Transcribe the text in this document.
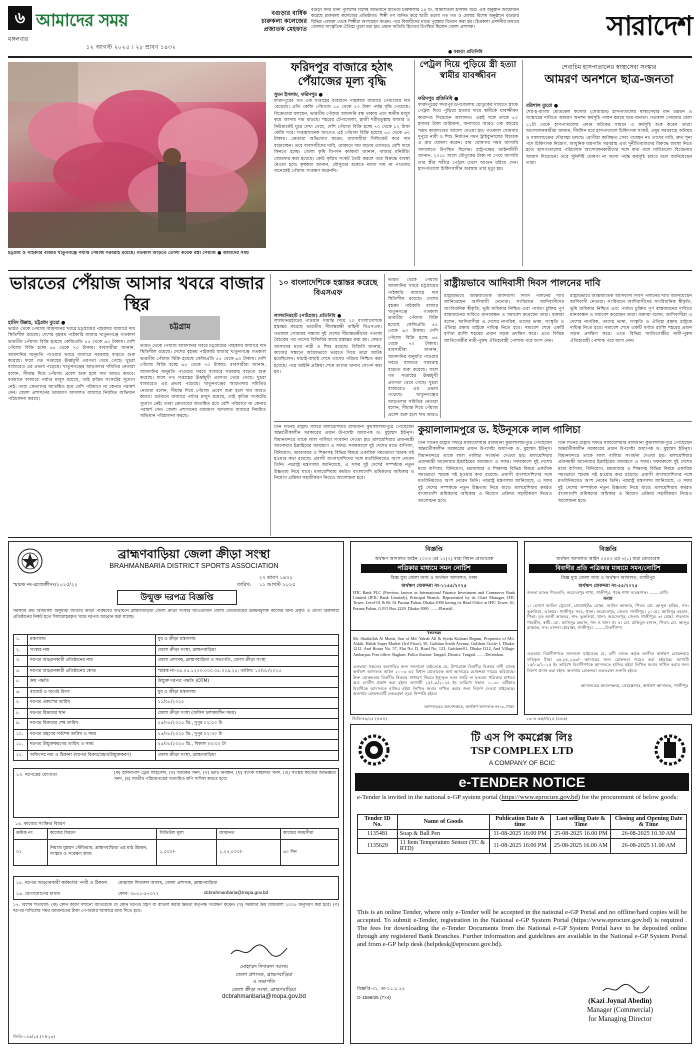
৬ আমাদের সময়
মঙ্গলবার
১২ আগস্ট ২০২৫ । ২৮ শ্রাবণ ১৪৩২
বগুড়ার বার্ষিক
চারুকলা কলেজের
প্রজাতক মেহফাত
বগুড়া সদর থানা পুলিশের বিশেষ অভিযানে হাতিয়ে চারুকলার ১৪ টি, আমলিগুল ইসলাম ধরে। এক অনুষ্ঠান আয়োজন করেছে চারুকলা কলেজের প্রতিষ্ঠাতা। শিল্পী গণ জনিত করে ছাত্রী গুলো গত গত ও মেলার বিশেষ অনুষ্ঠানে বগুড়ার বিভিন্ন এলাকা থেকে শিল্পীরা অংশগ্রহণ করেন। পরে বিজয়ীদের মাঝে পুরস্কার বিতরণ করা হয়। চিত্রকলা প্রদর্শনীর মাধ্যমে জেলার সাংস্কৃতিক ঐতিহ্য তুলে ধরা হয়। প্রধান অতিথি হিসেবে উপস্থিত ছিলেন জেলা প্রশাসক।
● বগুড়া প্রতিনিধি
সারাদেশ
চট্টগ্রাম ও পাইকারি বাজার খাতুনগঞ্জে পর্যাপ্ত পেঁয়াজ সরবরাহ রয়েছে। গতকাল আড়তে তোলা কয়েক বস্তা পেঁয়াজ ● আমাদের সময়
ফরিদপুর বাজারে হঠাৎ পেঁয়াজের মূল্য বৃদ্ধি
সুমন ইসলাম, ফরিদপুর ●
ফরিদপুরের গত এক সপ্তাহের ব্যবধানে পাইকারি বাজারে পেঁয়াজের দাম বেড়েছে। প্রতি কেজি পেঁয়াজে ১৫ থেকে ২০ টাকা পর্যন্ত বৃদ্ধি পেয়েছে। বিক্রেতারা বলছেন, ভারতীয় পেঁয়াজ আমদানি বন্ধ থাকায় এবং স্থানীয় মজুদ কমে আসায় দাম বাড়ছে। শহরের টেপাখোলা, হাজী শরীয়তুল্লাহ বাজার ও নিউমার্কেট ঘুরে দেখা গেছে, দেশি পেঁয়াজ বিক্রি হচ্ছে ৭০ থেকে ৮০ টাকা কেজি দরে। সপ্তাহখানেক আগেও এই পেঁয়াজ বিক্রি হয়েছে ৫৫ থেকে ৬০ টাকায়। ক্রেতারা অভিযোগ করেন, ব্যবসায়ীরা সিন্ডিকেট করে দাম বাড়াচ্ছেন। তবে ব্যবসায়ীদের দাবি, মোকামে দাম বাড়ায় তাদেরও বেশি দামে কিনতে হচ্ছে। জেলা কৃষি বিপণন কর্মকর্তা জানান, বাজার মনিটরিং জোরদার করা হয়েছে। কেউ কৃত্রিম সংকট তৈরি করলে তার বিরুদ্ধে ব্যবস্থা নেওয়া হবে। কৃষকরা জানান, মৌসুমের শুরুতে ন্যায্য দাম না পাওয়ায় অনেকেই পেঁয়াজ সংরক্ষণ করেননি।
পেট্রল দিয়ে পুড়িয়ে স্ত্রী হত্যা স্বামীর যাবজ্জীবন
ফরিদপুর প্রতিনিধি ●
ফরিদপুরের সদরপুর উপজেলায় যৌতুকের দাবিতে স্ত্রীকে পেট্রল দিয়ে পুড়িয়ে হত্যার দায়ে স্বামীকে যাবজ্জীবন কারাদণ্ড দিয়েছেন আদালত। একই সঙ্গে তাকে ৫০ হাজার টাকা জরিমানা, অনাদায়ে আরও এক বছরের সশ্রম কারাদণ্ডের আদেশ দেওয়া হয়। গতকাল সোমবার দুপুরে নারী ও শিশু নির্যাতন দমন ট্রাইব্যুনালের বিচারক এ রায় ঘোষণা করেন। রায় ঘোষণার সময় আসামি আদালতে উপস্থিত ছিলেন। রাষ্ট্রপক্ষের আইনজীবী জানান, ২০১৮ সালে যৌতুকের টাকা না পেয়ে আসামি তার স্ত্রীর শরীরে পেট্রল ঢেলে আগুন ধরিয়ে দেন। হাসপাতালে চিকিৎসাধীন অবস্থায় তার মৃত্যু হয়।
শেবাচিম হাসপাতালের স্বাস্থ্যসেবা সংস্কার
আমরণ অনশনে ছাত্র-জনতা
বরিশাল ব্যুরো ●
শের-ই-বাংলা মেডিকেল কলেজ (শেবাচিম) হাসপাতালের স্বাস্থ্যসেবার মান উন্নয়ন ও সংস্কারের দাবিতে আমরণ অনশন কর্মসূচি পালন করছে ছাত্র-জনতা। গতকাল সোমবার বেলা ১১টা থেকে হাসপাতালের প্রধান ফটকের সামনে এ কর্মসূচি শুরু করেন তারা। আন্দোলনকারীরা জানান, দীর্ঘদিন ধরে হাসপাতালে চিকিৎসক সংকট, ওষুধ সরবরাহে অনিয়ম ও দালালচক্রের দৌরাত্ম্য চলছে। রোগীরা কাঙ্ক্ষিত সেবা পাচ্ছেন না। তাদের দাবি, দ্রুত শূন্য পদে চিকিৎসক নিয়োগ, আধুনিক যন্ত্রপাতি সরবরাহ এবং দুর্নীতিবাজদের বিরুদ্ধে ব্যবস্থা নিতে হবে। হাসপাতালের পরিচালক আন্দোলনকারীদের সঙ্গে কথা বলে দাবিগুলো বিবেচনার আশ্বাস দিয়েছেন। তবে সুনির্দিষ্ট ঘোষণা না আসা পর্যন্ত কর্মসূচি চলবে বলে জানিয়েছেন তারা।
ভারতের পেঁয়াজ আসার খবরে বাজার স্থির
হামিদ উল্লাহ, চট্টগ্রাম ব্যুরো ●
ভারত থেকে পেঁয়াজ আমদানির খবরে চট্টগ্রামের পাইকারি বাজারে দাম স্থিতিশীল রয়েছে। দেশের বৃহত্তম পাইকারি বাজার খাতুনগঞ্জে গতকাল ভারতীয় পেঁয়াজ বিক্রি হয়েছে কেজিপ্রতি ৫৫ থেকে ৬০ টাকায়। দেশি পেঁয়াজ বিক্রি হচ্ছে ৬৫ থেকে ৭০ টাকায়। ব্যবসায়ীরা জানান, আমদানির অনুমতি পাওয়ার খবরে বাজারে সরবরাহ বাড়তে শুরু করেছে। ফলে গত সপ্তাহের ঊর্ধ্বমুখী প্রবণতা থেমে গেছে। খুচরা বাজারেও এর প্রভাব পড়েছে। খাতুনগঞ্জের আড়তদার সমিতির নেতারা বলেন, সীমান্ত দিয়ে পেঁয়াজ প্রবেশ শুরু হলে দাম আরও কমবে। বর্তমানে বাজারে পর্যাপ্ত মজুদ রয়েছে, তাই কৃত্রিম সংকটের সুযোগ নেই। তারা ক্রেতাদের আতঙ্কিত হয়ে বেশি পরিমাণে না কেনার পরামর্শ দেন। জেলা প্রশাসনের ভ্রাম্যমাণ আদালত বাজারে নিয়মিত অভিযান পরিচালনা করছে।
চট্টগ্রাম
ভারত থেকে পেঁয়াজ আমদানির খবরে চট্টগ্রামের পাইকারি বাজারে দাম স্থিতিশীল রয়েছে। দেশের বৃহত্তম পাইকারি বাজার খাতুনগঞ্জে গতকাল ভারতীয় পেঁয়াজ বিক্রি হয়েছে কেজিপ্রতি ৫৫ থেকে ৬০ টাকায়। দেশি পেঁয়াজ বিক্রি হচ্ছে ৬৫ থেকে ৭০ টাকায়। ব্যবসায়ীরা জানান, আমদানির অনুমতি পাওয়ার খবরে বাজারে সরবরাহ বাড়তে শুরু করেছে। ফলে গত সপ্তাহের ঊর্ধ্বমুখী প্রবণতা থেমে গেছে। খুচরা বাজারেও এর প্রভাব পড়েছে। খাতুনগঞ্জের আড়তদার সমিতির নেতারা বলেন, সীমান্ত দিয়ে পেঁয়াজ প্রবেশ শুরু হলে দাম আরও কমবে। বর্তমানে বাজারে পর্যাপ্ত মজুদ রয়েছে, তাই কৃত্রিম সংকটের সুযোগ নেই। তারা ক্রেতাদের আতঙ্কিত হয়ে বেশি পরিমাণে না কেনার পরামর্শ দেন। জেলা প্রশাসনের ভ্রাম্যমাণ আদালত বাজারে নিয়মিত অভিযান পরিচালনা করছে।
১০ বাংলাদেশিকে হস্তান্তর করেছে বিএসএফ
লালমনিরহাট (পাটগ্রাম) প্রতিনিধি ●
লালমনিরহাটের পাটগ্রাম সীমান্ত দিয়ে ১০ বাংলাদেশিকে হস্তান্তর করেছে ভারতীয় সীমান্তরক্ষী বাহিনী বিএসএফ। গতকাল সোমবার সন্ধ্যায় দুই দেশের সীমান্তরক্ষীদের পতাকা বৈঠকের পর তাদের বিজিবির কাছে হস্তান্তর করা হয়। ফেরত আসাদের মধ্যে নারী ও শিশু রয়েছে। বিজিবি জানায়, কাজের সন্ধানে অবৈধভাবে ভারতে গিয়ে তারা আটক হয়েছিলেন। যাচাই-বাছাই শেষে তাদের পরিচয় নিশ্চিত করা হয়েছে। পরে আইনি প্রক্রিয়া শেষে তাদের থানায় সোপর্দ করা হয়।
ভারত থেকে পেঁয়াজ আমদানির খবরে চট্টগ্রামের পাইকারি বাজারে দাম স্থিতিশীল রয়েছে। দেশের বৃহত্তম পাইকারি বাজার খাতুনগঞ্জে গতকাল ভারতীয় পেঁয়াজ বিক্রি হয়েছে কেজিপ্রতি ৫৫ থেকে ৬০ টাকায়। দেশি পেঁয়াজ বিক্রি হচ্ছে ৬৫ থেকে ৭০ টাকায়। ব্যবসায়ীরা জানান, আমদানির অনুমতি পাওয়ার খবরে বাজারে সরবরাহ বাড়তে শুরু করেছে। ফলে গত সপ্তাহের ঊর্ধ্বমুখী প্রবণতা থেমে গেছে। খুচরা বাজারেও এর প্রভাব পড়েছে। খাতুনগঞ্জের আড়তদার সমিতির নেতারা বলেন, সীমান্ত দিয়ে পেঁয়াজ প্রবেশ শুরু হলে দাম আরও
রাষ্ট্রীয়ভাবে আদিবাসী দিবস পালনের দাবি
রাষ্ট্রীয়ভাবে আন্তর্জাতিক আদিবাসী দিবস পালনের দাবি জানিয়েছেন আদিবাসী নেতারা। সংবিধানে আদিবাসীদের সাংবিধানিক স্বীকৃতি, ভূমি অধিকার নিশ্চিত এবং পার্বত্য চুক্তির পূর্ণ বাস্তবায়নের দাবিতে মানববন্ধন ও সমাবেশ করেছেন তারা। বক্তারা বলেন, আদিবাসীরা এ দেশের নাগরিক, তাদের ভাষা, সংস্কৃতি ও ঐতিহ্য রক্ষায় রাষ্ট্রকে দায়িত্ব নিতে হবে। সমাবেশ শেষে একটি বর্ণাঢ্য র‍্যালি শহরের প্রধান সড়ক প্রদক্ষিণ করে। এতে বিভিন্ন জাতিগোষ্ঠীর নারী-পুরুষ ঐতিহ্যবাহী পোশাক পরে অংশ নেন।
রাষ্ট্রীয়ভাবে আন্তর্জাতিক আদিবাসী দিবস পালনের দাবি জানিয়েছেন আদিবাসী নেতারা। সংবিধানে আদিবাসীদের সাংবিধানিক স্বীকৃতি, ভূমি অধিকার নিশ্চিত এবং পার্বত্য চুক্তির পূর্ণ বাস্তবায়নের দাবিতে মানববন্ধন ও সমাবেশ করেছেন তারা। বক্তারা বলেন, আদিবাসীরা এ দেশের নাগরিক, তাদের ভাষা, সংস্কৃতি ও ঐতিহ্য রক্ষায় রাষ্ট্রকে দায়িত্ব নিতে হবে। সমাবেশ শেষে একটি বর্ণাঢ্য র‍্যালি শহরের প্রধান সড়ক প্রদক্ষিণ করে। এতে বিভিন্ন জাতিগোষ্ঠীর নারী-পুরুষ ঐতিহ্যবাহী পোশাক পরে অংশ নেন।
কুয়ালালামপুরে ড. ইউনূসকে লাল গালিচা
তিন দিনের রাষ্ট্রীয় সফরে মালয়েশিয়ার রাজধানী কুয়ালালামপুরে পৌঁছেছেন অন্তর্বর্তীকালীন সরকারের প্রধান উপদেষ্টা অধ্যাপক ড. মুহাম্মদ ইউনূস। বিমানবন্দরে তাকে লাল গালিচা সংবর্ধনা দেওয়া হয়। মালয়েশিয়ার প্রধানমন্ত্রী আনোয়ার ইব্রাহিমের আমন্ত্রণে এ সফর। সফরকালে দুই দেশের মধ্যে বাণিজ্য, বিনিয়োগ, শ্রমবাজার ও শিক্ষাসহ বিভিন্ন বিষয়ে একাধিক সমঝোতা স্মারক সই হওয়ার কথা রয়েছে। প্রবাসী বাংলাদেশিদের সঙ্গে মতবিনিময়েও অংশ নেবেন তিনি। পররাষ্ট্র মন্ত্রণালয় জানিয়েছে, এ সফর দুই দেশের সম্পর্ককে নতুন উচ্চতায় নিয়ে যাবে। মালয়েশিয়ায় কর্মরত বাংলাদেশি শ্রমিকদের অধিকার ও নিয়োগ প্রক্রিয়া সহজীকরণ নিয়েও আলোচনা হবে।
তিন দিনের রাষ্ট্রীয় সফরে মালয়েশিয়ার রাজধানী কুয়ালালামপুরে পৌঁছেছেন অন্তর্বর্তীকালীন সরকারের প্রধান উপদেষ্টা অধ্যাপক ড. মুহাম্মদ ইউনূস। বিমানবন্দরে তাকে লাল গালিচা সংবর্ধনা দেওয়া হয়। মালয়েশিয়ার প্রধানমন্ত্রী আনোয়ার ইব্রাহিমের আমন্ত্রণে এ সফর। সফরকালে দুই দেশের মধ্যে বাণিজ্য, বিনিয়োগ, শ্রমবাজার ও শিক্ষাসহ বিভিন্ন বিষয়ে একাধিক সমঝোতা স্মারক সই হওয়ার কথা রয়েছে। প্রবাসী বাংলাদেশিদের সঙ্গে মতবিনিময়েও অংশ নেবেন তিনি। পররাষ্ট্র মন্ত্রণালয় জানিয়েছে, এ সফর দুই দেশের সম্পর্ককে নতুন উচ্চতায় নিয়ে যাবে। মালয়েশিয়ায় কর্মরত বাংলাদেশি শ্রমিকদের অধিকার ও নিয়োগ প্রক্রিয়া সহজীকরণ নিয়েও আলোচনা হবে।
তিন দিনের রাষ্ট্রীয় সফরে মালয়েশিয়ার রাজধানী কুয়ালালামপুরে পৌঁছেছেন অন্তর্বর্তীকালীন সরকারের প্রধান উপদেষ্টা অধ্যাপক ড. মুহাম্মদ ইউনূস। বিমানবন্দরে তাকে লাল গালিচা সংবর্ধনা দেওয়া হয়। মালয়েশিয়ার প্রধানমন্ত্রী আনোয়ার ইব্রাহিমের আমন্ত্রণে এ সফর। সফরকালে দুই দেশের মধ্যে বাণিজ্য, বিনিয়োগ, শ্রমবাজার ও শিক্ষাসহ বিভিন্ন বিষয়ে একাধিক সমঝোতা স্মারক সই হওয়ার কথা রয়েছে। প্রবাসী বাংলাদেশিদের সঙ্গে মতবিনিময়েও অংশ নেবেন তিনি। পররাষ্ট্র মন্ত্রণালয় জানিয়েছে, এ সফর দুই দেশের সম্পর্ককে নতুন উচ্চতায় নিয়ে যাবে। মালয়েশিয়ায় কর্মরত বাংলাদেশি শ্রমিকদের অধিকার ও নিয়োগ প্রক্রিয়া সহজীকরণ নিয়েও আলোচনা হবে।
ব্রাহ্মণবাড়িয়া জেলা ক্রীড়া সংস্থা
BRAHMANBARIA DISTRICT SPORTS ASSOCIATION
২৭ শ্রাবণ ১৪৩২
স্মারক নং-ব্রজেক্রীসং/২০২৫/২২	তারিখ: ১১ আগস্ট ২০২৫
উন্মুক্ত দরপত্র বিজ্ঞপ্তি
সরকারি ক্রয় বিধিমালা অনুযায়ী জাতীয় ক্রীড়া পরিষদের অর্থায়নে ব্রাহ্মণবাড়িয়া জেলা ক্রীড়া সংস্থার আওতাধীন জেলা স্টেডিয়ামের উন্নয়নমূলক কাজের জন্য প্রকৃত ও যোগ্য ঠিকাদারী প্রতিষ্ঠানের নিকট হতে সিলমোহরকৃত খামে দরপত্র আহ্বান করা যাচ্ছে।
১.	মন্ত্রণালয়	যুব ও ক্রীড়া মন্ত্রণালয়
২.	সংস্থার নাম	জেলা ক্রীড়া সংস্থা, ব্রাহ্মণবাড়িয়া
৩.	দরপত্র আহ্বানকারী প্রতিষ্ঠানের নাম	জেলা প্রশাসক, ব্রাহ্মণবাড়িয়া ও সভাপতি, জেলা ক্রীড়া সংস্থা
৪.	দরপত্র আহ্বানকারী প্রতিষ্ঠানের কোড	স্মারক নং-৩৪.০৫.১২০০.০০০.০৫.০২৯.২৫; তারিখ: ১০/০৮/২০২৫
৫.	ক্রয় পদ্ধতি	উন্মুক্ত দরপত্র পদ্ধতি (OTM)
৬.	বাজেট ও অর্থের উৎস	যুব ও ক্রীড়া মন্ত্রণালয়
৭.	দরপত্র প্রকাশের তারিখ	১১/০৮/২০২৫
৮.	দরপত্র বিক্রয়ের স্থান	জেলা ক্রীড়া সংস্থা (অফিস চলাকালীন সময়)
৯.	দরপত্র বিক্রয়ের শেষ তারিখ	২৪/০৮/২০২৫ খ্রি., দুপুর ০২:০০ টা
১০.	দরপত্র গ্রহণের সর্বশেষ তারিখ ও সময়	২৫/০৮/২০২৫ খ্রি., দুপুর ০২:৩০ টা
১১.	দরপত্র উন্মুক্তকরণের তারিখ ও সময়	২৫/০৮/২০২৫ খ্রি., বিকাল ০৩:০০ টা
১২.	অফিসের নাম ও ঠিকানা (দরপত্র বিক্রয়/গ্রহণ/উন্মুক্তকরণ)	জেলা ক্রীড়া সংস্থা, ব্রাহ্মণবাড়িয়া
১৩. দরপত্রের যোগ্যতা	(ক) হালনাগাদ ট্রেড লাইসেন্স, (খ) আয়কর সনদ, (গ) ভ্যাট নিবন্ধন, (ঘ) ব্যাংক সচ্ছলতা সনদ, (ঙ) সংশ্লিষ্ট কাজের অভিজ্ঞতা সনদ, (চ) জাতীয় পরিচয়পত্রের সত্যায়িত কপি দাখিল করতে হবে।
১৪. কাজের সংক্ষিপ্ত বিবরণ
ক্রমিক নং	কাজের বিবরণ	সিডিউল মূল্য	জামানত	কাজের সময়সীমা
০১	নিয়াজ মুহম্মদ স্টেডিয়াম, ব্রাহ্মণবাড়িয়া এর মাঠ উন্নয়ন, সংস্কার ও সংরক্ষণ কাজ	১,০০০/-	১,২৫,০০০/-	৬০ দিন
১৫. দরপত্র আহ্বানকারী কর্মকর্তার পদবী ও ঠিকানা	মোহাম্মদ দিদারুল আলম, জেলা প্রশাসক, ব্রাহ্মণবাড়িয়া
১৬. যোগাযোগের মাধ্যম	ফোন: ০৮৫১-৫৭০২২	dcbrahmanbaria@mopa.gov.bd
১৭. বিশেষ শর্তাবলি: (ক) কোন কারণ দর্শানো ব্যতিরেকে যে কোন দরপত্র গ্রহণ বা বাতিল করার ক্ষমতা কর্তৃপক্ষ সংরক্ষণ করেন। (খ) সরকারি ক্রয় বিধিমালা ২০০৮ অনুসরণ করা হবে। (গ) দরপত্র দাখিলের সময় জামানতের টাকা পে-অর্ডার আকারে জমা দিতে হবে।
মোহাম্মদ দিদারুল আলম
জেলা প্রশাসক, ব্রাহ্মণবাড়িয়া
ও সভাপতি
জেলা ক্রীড়া সংস্থা, ব্রাহ্মণবাড়িয়া
dcbrahmanbaria@mopa.gov.bd
জিডি-১৪৬/২৫ (৭×২৩)
বিজ্ঞপ্তি
অর্থঋণ আদালত আইন ২০০৩ এর ১২(২) ধারা বিধান মোতাবেক
পত্রিকার মাধ্যমে সমন নোটিশ
বিজ্ঞ যুগ্ম জেলা জজ ও অর্থঋণ আদালত, ঢাকা
অর্থঋণ মোকদ্দমা নং-১১৫৫/২০২৫
IFIC Bank PLC (Previous known as International Finance Investment and Commerce Bank Limited (IFIC Bank Limited)), Principal Branch, Represented by its Chief Manager, IFIC Tower, Level-01 & 06, 61 Purana Paltan, Dhaka-1000 having its Head Office at IFIC Tower, 61, Purana Paltan, G.P.O Box 2229, Dhaka-1000. ........Plaintiff.
Versus
Mr. Shafiullah Al Munir, Son of Md. Yakub Ali & Syeda Kulsum Begum, Proprietor of M/s. Aakib, Habib Super Market (3rd Floor), 50, Gulshan South Avenue, Gulshan Circle-1, Dhaka-1212. And House No. 57, Flat No. D, Road No. 123, Gulshan-01, Dhaka-1212. And Village: Ambarpur, Post office: Bagbari, Police Station: Tangail, District: Tangail. ........Defendant.
এতদ্বারা সকলের অবগতির জন্য জানানো যাইতেছে যে, উপরোক্ত বিবাদীর বিরুদ্ধে বাদী ব্যাংক অর্থঋণ আদালত আইন ২০০৩ এর বিধান মোতাবেক অর্থ আদায়ের মোকদ্দমা দায়ের করিয়াছে। উক্ত মোকদ্দমায় বিবাদীর বিরুদ্ধে সাধারণ নিয়মে ইস্যুকৃত সমন জারি না হওয়ায় পত্রিকার মাধ্যমে অত্র নোটিশ প্রকাশ করা হইল। আগামী ২৫/০৯/২০২৫ ইং তারিখে সকাল ১০.৩০ ঘটিকায় বিবাদীকে আদালতে হাজির হইয়া লিখিত জবাব দাখিল করার জন্য নির্দেশ দেওয়া যাইতেছে। অন্যথায় মোকদ্দমাটি একতরফা সূত্রে নিষ্পত্তি হইবে।
আদালতের আদেশক্রমে, অর্থঋণ আদালত নং-৩, ঢাকা
জিডি-৫৬/২৫ (৫×৪)
বিজ্ঞপ্তি
অর্থঋণ আদালত আইন ২০০৩ এর ৭(১) ধারা মোতাবেক
বিবাদীর প্রতি পত্রিকার মাধ্যমে সমন/নোটিশ
বিজ্ঞ যুগ্ম জেলা জজ ও অর্থঋণ আদালত, গাজীপুর
অর্থঋণ মোকদ্দমা নং-৫৫/২০২৫
জনতা ব্যাংক পিএলসি, জয়দেবপুর শাখা, গাজীপুর, পক্ষে শাখা ব্যবস্থাপক। ........বাদী।
বনাম
১। মেসার্স জাবিন ট্রেডার্স, প্রোপ্রাইটর: মোছা. জাবিন আক্তার, পিতা: মো. আব্দুল হাকিম, সাং: ভুরুলিয়া, ডাকঘর: গাজীপুর সদর, থানা: জয়দেবপুর, জেলা: গাজীপুর। ২। মো. আনিসুর রহমান, পিতা: মৃত আলী আকবর, সাং: ভুরুলিয়া, থানা: জয়দেবপুর, জেলা: গাজীপুর। ৩। মোছা. শাহনাজ পারভীন, স্বামী: মো. আনিসুর রহমান, সাং ও থানা ঐ। ৪। মো. রাকিবুল হাসান, পিতা: মো. আব্দুর রাজ্জাক, সাং: চান্দনা চৌরাস্তা, গাজীপুর। ........বিবাদীগণ।
এতদ্বারা বিবাদীগণকে জানানো যাইতেছে যে, বাদী ব্যাংক কর্তৃক আনীত অর্থঋণ মোকদ্দমায় দাবিকৃত টাকা ৩৫,৮৫,২৩৩/- আদায়ের জন্য মোকদ্দমা দায়ের করা হইয়াছে। আগামী ১৫/০৯/২০২৫ ইং তারিখে বিবাদীগণকে আদালতে হাজির হইয়া লিখিত জবাব দাখিল করার জন্য নির্দেশ প্রদান করা হইল। অন্যথায় মোকদ্দমা একতরফা শুনানি হইবে।
আদালতের আদেশক্রমে, সেরেস্তাদার, অর্থঋণ আদালত, গাজীপুর
১৩০৪ ৩ক/ঢা/২৫ (৪×৬)
টি এস পি কমপ্লেক্স লিঃ
TSP COMPLEX LTD
A COMPANY OF BCIC
e-TENDER NOTICE
e-Tender is invited in the national e-GP system portal (https://www.eprocure.gov.bd) for the procurement of below goods:
Tender ID No.	Name of Goods	Publication Date & time	Last selling Date & Time	Closing and Opening Date & Time
1135481	Soap & Ball Pen	11-08-2025 16:00 PM	25-08-2025 16.00 PM	26-08-2025 10.30 AM
1135629	11 Item Temperature Sensor (TC & RTD)	11-08-2025 16:00 PM	25-08-2025 16.00 AM	26-08-2025 11.00 AM
This is an online Tender, where only e-Tender will be accepted in the national e-GP Portal and no offline/hard copies will be accepted. To submit e-Tender, registration in the National e-GP System Portal (https://www.eprocure.gov.bd) is required . The fees for downloading the e-Tender Documents from the National e-GP System Portal have to be deposited online through any registered Bank Branches. Further information and guidelines are available in the National e-GP System Portal and from e-GP help desk (helpdesk@eprocure.gov.bd).
বিজ্ঞপ্তি-৩১, তা-১১.৮.২৫
G-1599/25 (7×4)	(Kazi Joynal Abedin)
Manager (Commercial)
for Managing Director
